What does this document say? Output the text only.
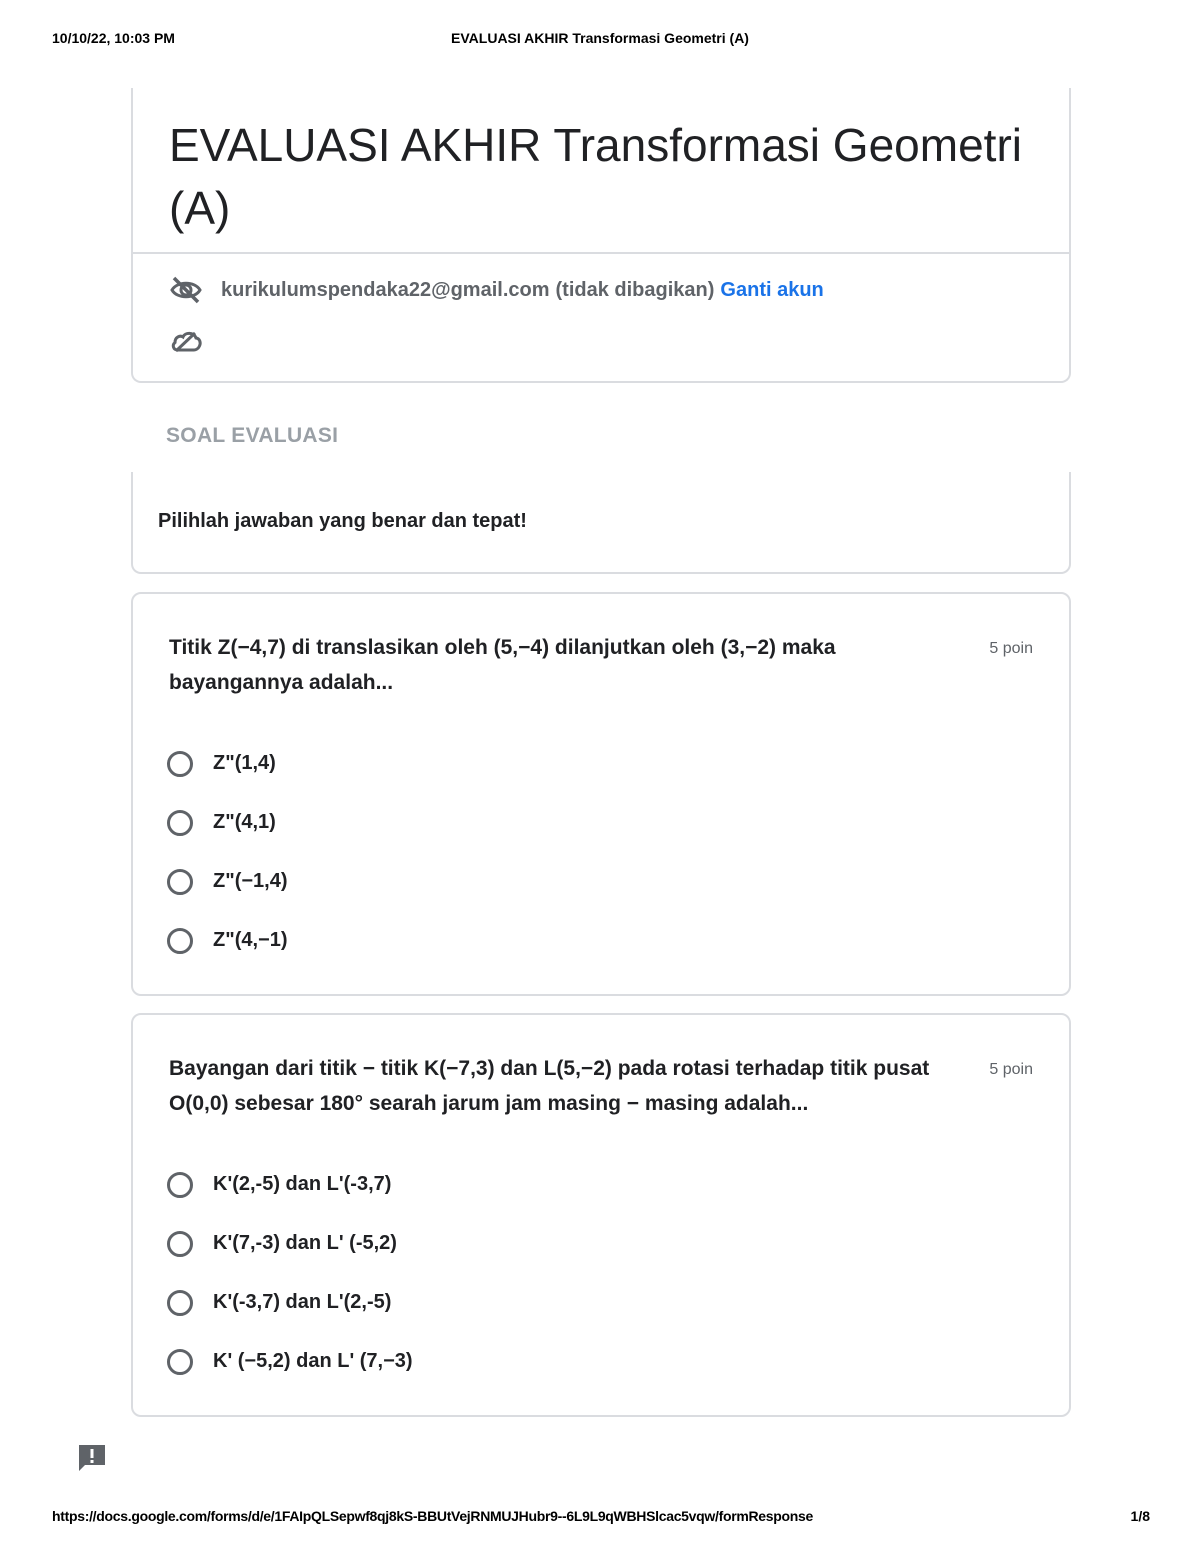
10/10/22, 10:03 PM	EVALUASI AKHIR Transformasi Geometri (A)
EVALUASI AKHIR Transformasi Geometri (A)
kurikulumspendaka22@gmail.com (tidak dibagikan) Ganti akun
SOAL EVALUASI
Pilihlah jawaban yang benar dan tepat!
Titik Z(−4,7) di translasikan oleh (5,−4) dilanjutkan oleh (3,−2) maka bayangannya adalah...
5 poin
Z"(1,4)
Z"(4,1)
Z"(−1,4)
Z"(4,−1)
Bayangan dari titik − titik K(−7,3) dan L(5,−2) pada rotasi terhadap titik pusat O(0,0) sebesar 180° searah jarum jam masing − masing adalah...
5 poin
K'(2,-5) dan L'(-3,7)
K'(7,-3) dan L' (-5,2)
K'(-3,7) dan L'(2,-5)
K' (−5,2) dan L' (7,−3)
https://docs.google.com/forms/d/e/1FAIpQLSepwf8qj8kS-BBUtVejRNMUJHubr9--6L9L9qWBHSlcac5vqw/formResponse	1/8
